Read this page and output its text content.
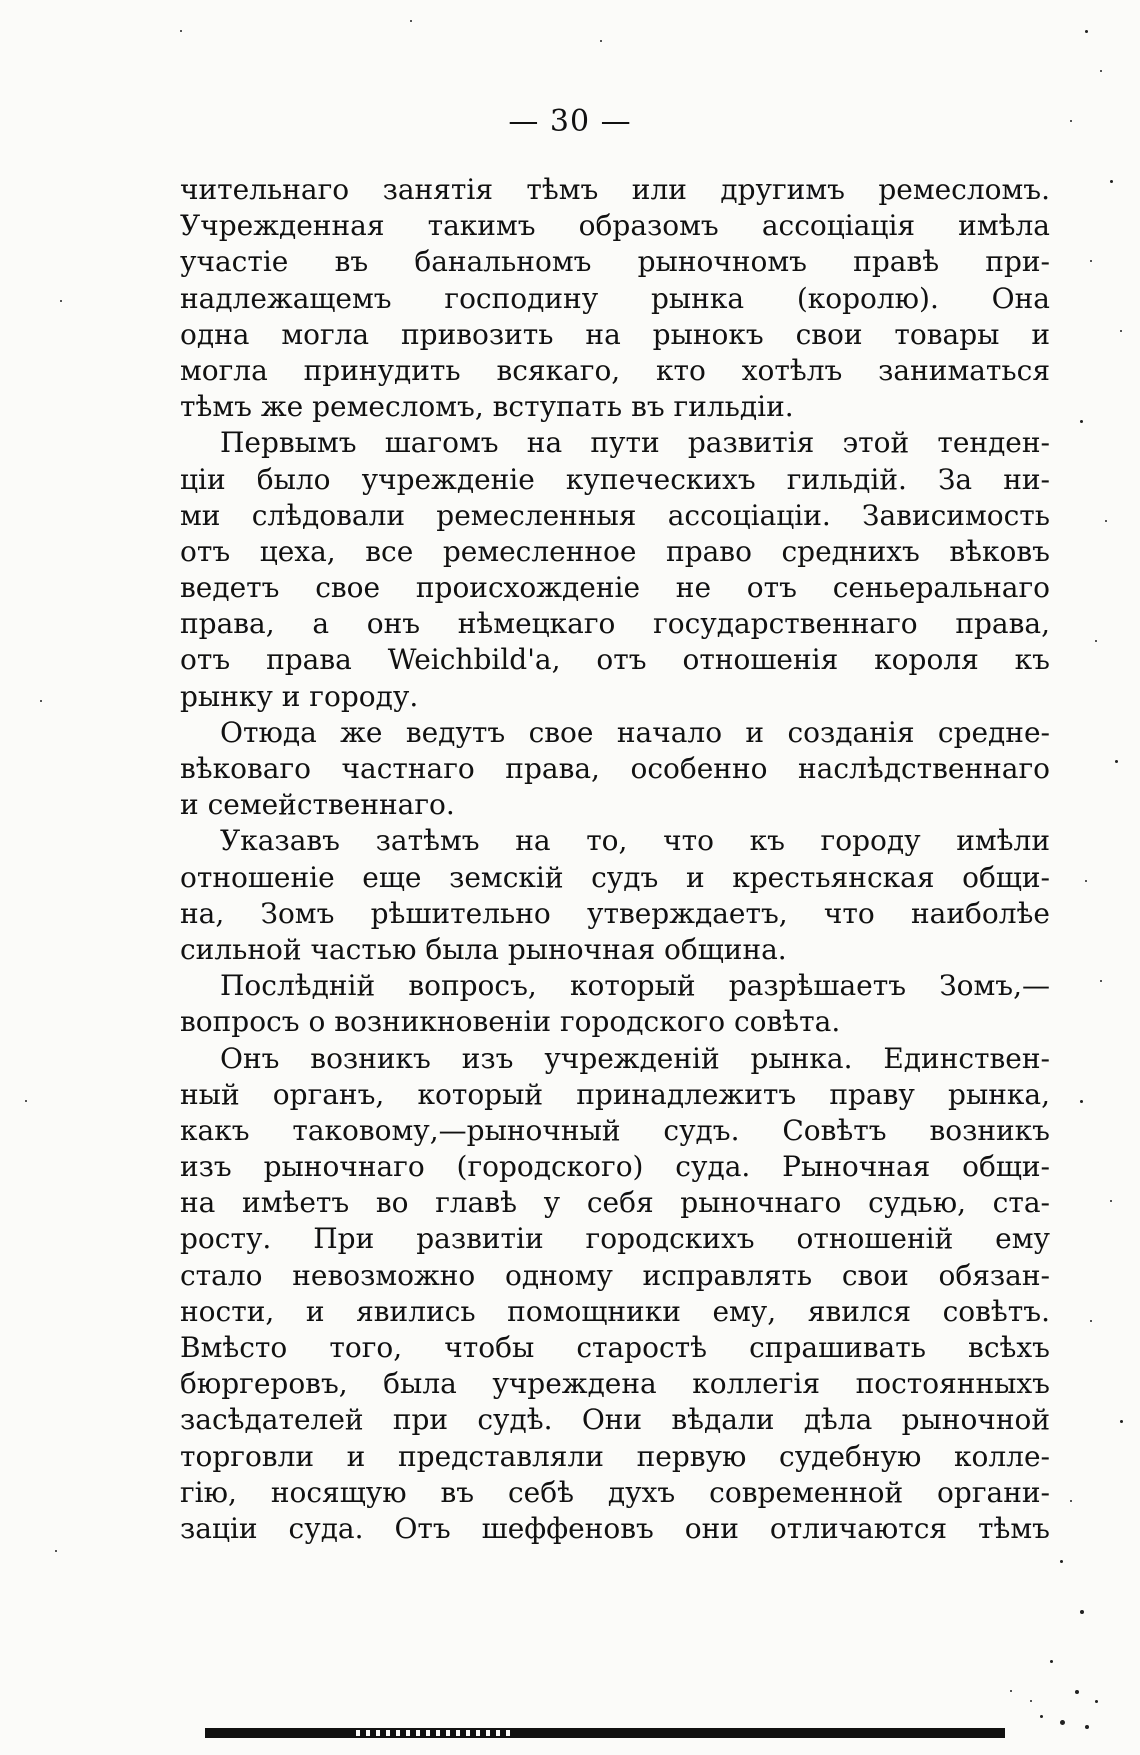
— 30 —
чительнаго занятія тѣмъ или другимъ ремесломъ.
Учрежденная такимъ образомъ ассоціація имѣла
участіе въ банальномъ рыночномъ правѣ при-
надлежащемъ господину рынка (королю). Она
одна могла привозить на рынокъ свои товары и
могла принудить всякаго, кто хотѣлъ заниматься
тѣмъ же ремесломъ, вступать въ гильдіи.
Первымъ шагомъ на пути развитія этой тенден-
ціи было учрежденіе купеческихъ гильдій. За ни-
ми слѣдовали ремесленныя ассоціаціи. Зависимость
отъ цеха, все ремесленное право среднихъ вѣковъ
ведетъ свое происхожденіе не отъ сеньеральнаго
права, а онъ нѣмецкаго государственнаго права,
отъ права Weichbild'a, отъ отношенія короля къ
рынку и городу.
Отюда же ведутъ свое начало и созданія средне-
вѣковаго частнаго права, особенно наслѣдственнаго
и семейственнаго.
Указавъ затѣмъ на то, что къ городу имѣли
отношеніе еще земскій судъ и крестьянская общи-
на, Зомъ рѣшительно утверждаетъ, что наиболѣе
сильной частью была рыночная община.
Послѣдній вопросъ, который разрѣшаетъ Зомъ,—
вопросъ о возникновеніи городского совѣта.
Онъ возникъ изъ учрежденій рынка. Единствен-
ный органъ, который принадлежитъ праву рынка,
какъ таковому,—рыночный судъ. Совѣтъ возникъ
изъ рыночнаго (городского) суда. Рыночная общи-
на имѣетъ во главѣ у себя рыночнаго судью, ста-
росту. При развитіи городскихъ отношеній ему
стало невозможно одному исправлять свои обязан-
ности, и явились помощники ему, явился совѣтъ.
Вмѣсто того, чтобы старостѣ спрашивать всѣхъ
бюргеровъ, была учреждена коллегія постоянныхъ
засѣдателей при судѣ. Они вѣдали дѣла рыночной
торговли и представляли первую судебную колле-
гію, носящую въ себѣ духъ современной органи-
заціи суда. Отъ шеффеновъ они отличаются тѣмъ
